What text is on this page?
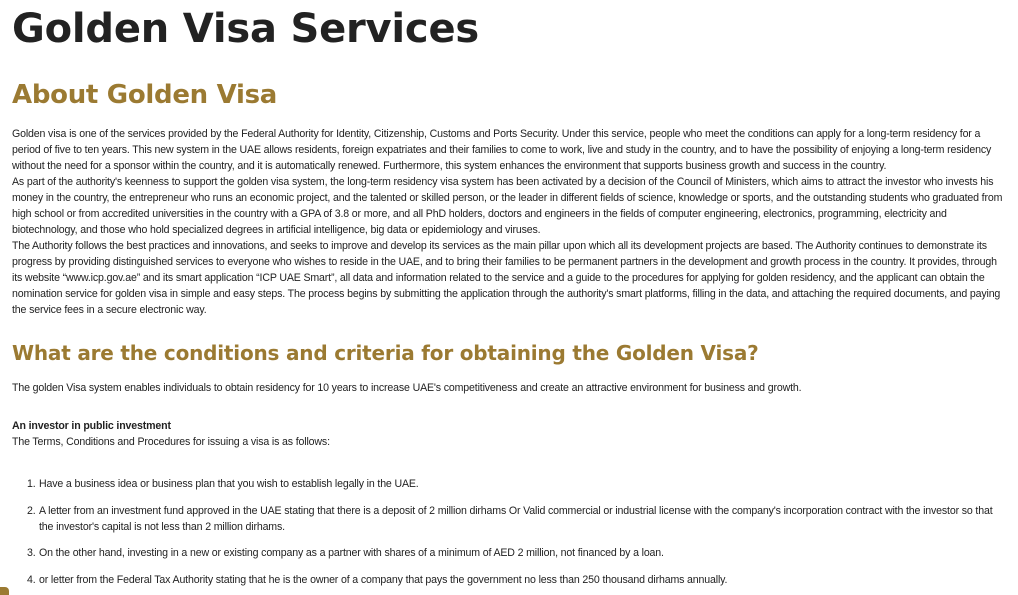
Golden Visa Services
About Golden Visa

Golden visa is one of the services provided by the Federal Authority for Identity, Citizenship, Customs and Ports Security. Under this service, people who meet the conditions can apply for a long-term residency for a period of five to ten years. This new system in the UAE allows residents, foreign expatriates and their families to come to work, live and study in the country, and to have the possibility of enjoying a long-term residency without the need for a sponsor within the country, and it is automatically renewed. Furthermore, this system enhances the environment that supports business growth and success in the country.

As part of the authority's keenness to support the golden visa system, the long-term residency visa system has been activated by a decision of the Council of Ministers, which aims to attract the investor who invests his money in the country, the entrepreneur who runs an economic project, and the talented or skilled person, or the leader in different fields of science, knowledge or sports, and the outstanding students who graduated from high school or from accredited universities in the country with a GPA of 3.8 or more, and all PhD holders, doctors and engineers in the fields of computer engineering, electronics, programming, electricity and biotechnology, and those who hold specialized degrees in artificial intelligence, big data or epidemiology and viruses.

The Authority follows the best practices and innovations, and seeks to improve and develop its services as the main pillar upon which all its development projects are based. The Authority continues to demonstrate its progress by providing distinguished services to everyone who wishes to reside in the UAE, and to bring their families to be permanent partners in the development and growth process in the country. It provides, through its website “www.icp.gov.ae” and its smart application “ICP UAE Smart”, all data and information related to the service and a guide to the procedures for applying for golden residency, and the applicant can obtain the nomination service for golden visa in simple and easy steps. The process begins by submitting the application through the authority's smart platforms, filling in the data, and attaching the required documents, and paying the service fees in a secure electronic way.

What are the conditions and criteria for obtaining the Golden Visa?

The golden Visa system enables individuals to obtain residency for 10 years to increase UAE's competitiveness and create an attractive environment for business and growth.

An investor in public investment

The Terms, Conditions and Procedures for issuing a visa is as follows:

1. Have a business idea or business plan that you wish to establish legally in the UAE.
2. A letter from an investment fund approved in the UAE stating that there is a deposit of 2 million dirhams Or Valid commercial or industrial license with the company's incorporation contract with the investor so that the investor's capital is not less than 2 million dirhams.
3. On the other hand, investing in a new or existing company as a partner with shares of a minimum of AED 2 million, not financed by a loan.
4. or letter from the Federal Tax Authority stating that he is the owner of a company that pays the government no less than 250 thousand dirhams annually.
